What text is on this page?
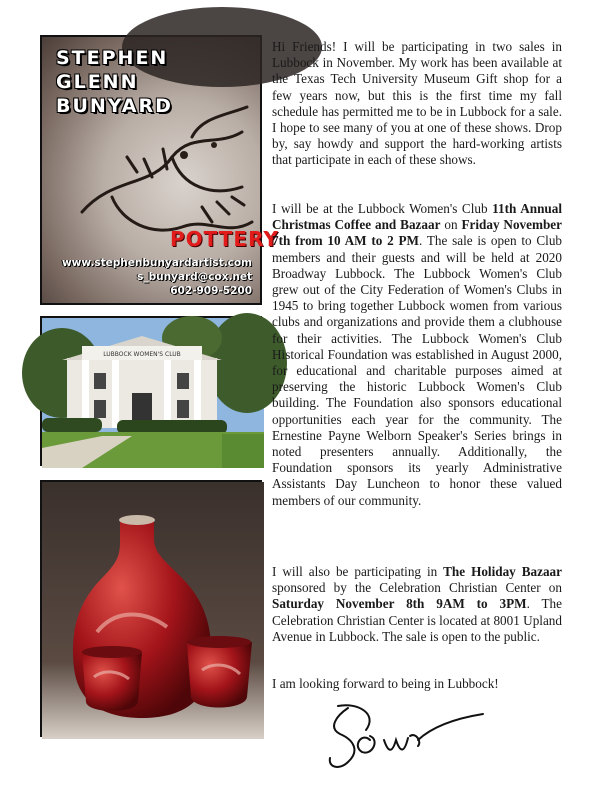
STEPHEN
GLENN
BUNYARD
POTTERY
www.stephenbunyardartist.com
s_bunyard@cox.net
602-909-5200
LUBBOCK WOMEN'S CLUB

Hi Friends! I will be participating in two sales in Lubbock in November. My work has been available at the Texas Tech University Museum Gift shop for a few years now, but this is the first time my fall schedule has permitted me to be in Lubbock for a sale. I hope to see many of you at one of these shows. Drop by, say howdy and support the hard-working artists that participate in each of these shows.

I will be at the Lubbock Women's Club 11th Annual Christmas Coffee and Bazaar on Friday November 7th from 10 AM to 2 PM. The sale is open to Club members and their guests and will be held at 2020 Broadway Lubbock. The Lubbock Women's Club grew out of the City Federation of Women's Clubs in 1945 to bring together Lubbock women from various clubs and organizations and provide them a clubhouse for their activities. The Lubbock Women's Club Historical Foundation was established in August 2000, for educational and charitable purposes aimed at preserving the historic Lubbock Women's Club building. The Foundation also sponsors educational opportunities each year for the community. The Ernestine Payne Welborn Speaker's Series brings in noted presenters annually. Additionally, the Foundation sponsors its yearly Administrative Assistants Day Luncheon to honor these valued members of our community.

I will also be participating in The Holiday Bazaar sponsored by the Celebration Christian Center on Saturday November 8th 9AM to 3PM. The Celebration Christian Center is located at 8001 Upland Avenue in Lubbock. The sale is open to the public.

I am looking forward to being in Lubbock!
